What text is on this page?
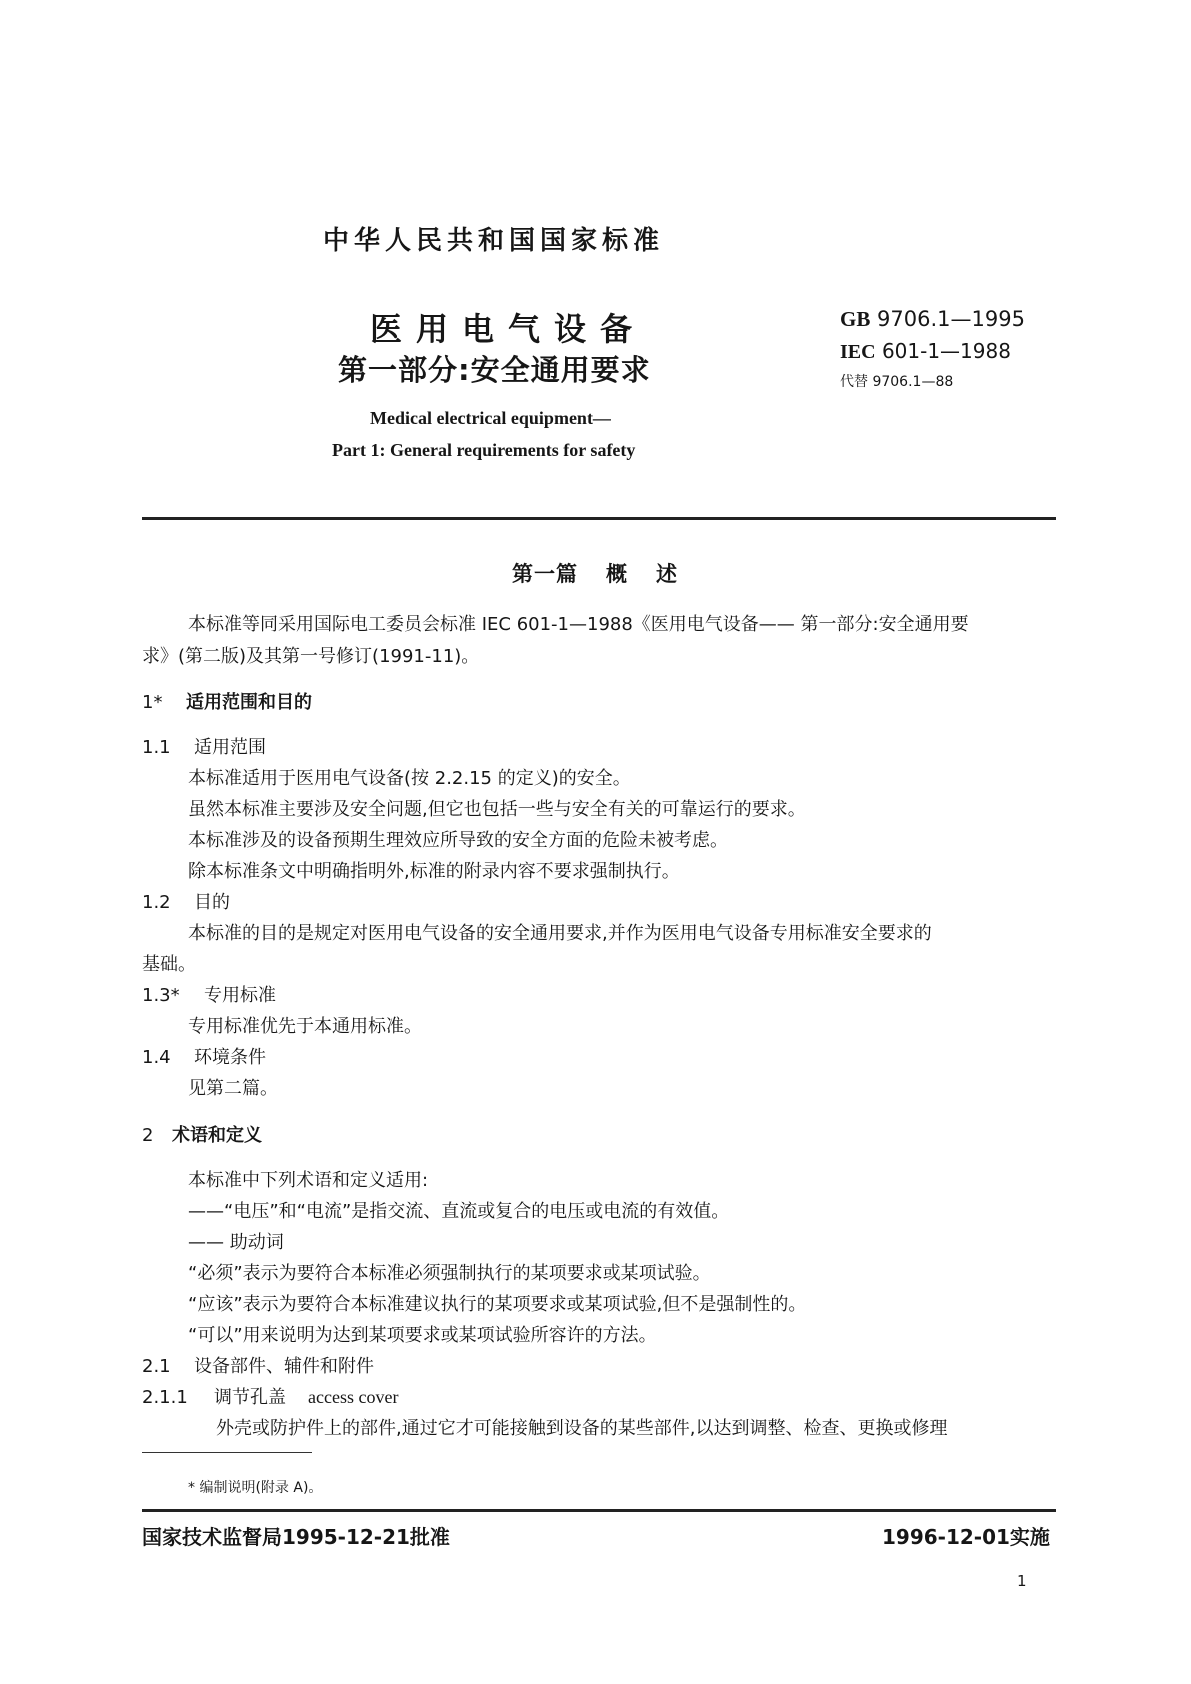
中华人民共和国国家标准
医用电气设备
第一部分:安全通用要求
GB 9706.1—1995
IEC 601-1—1988
代替 9706.1—88
Medical electrical equipment—
Part 1: General requirements for safety
第一篇 概 述
本标准等同采用国际电工委员会标准 IEC 601-1—1988《医用电气设备—— 第一部分:安全通用要
求》(第二版)及其第一号修订(1991-11)。
1* 适用范围和目的
1.1 适用范围
本标准适用于医用电气设备(按 2.2.15 的定义)的安全。
虽然本标准主要涉及安全问题,但它也包括一些与安全有关的可靠运行的要求。
本标准涉及的设备预期生理效应所导致的安全方面的危险未被考虑。
除本标准条文中明确指明外,标准的附录内容不要求强制执行。
1.2 目的
本标准的目的是规定对医用电气设备的安全通用要求,并作为医用电气设备专用标准安全要求的
基础。
1.3* 专用标准
专用标准优先于本通用标准。
1.4 环境条件
见第二篇。
2 术语和定义
本标准中下列术语和定义适用:
——“电压”和“电流”是指交流、直流或复合的电压或电流的有效值。
—— 助动词
“必须”表示为要符合本标准必须强制执行的某项要求或某项试验。
“应该”表示为要符合本标准建议执行的某项要求或某项试验,但不是强制性的。
“可以”用来说明为达到某项要求或某项试验所容许的方法。
2.1 设备部件、辅件和附件
2.1.1 调节孔盖 access cover
外壳或防护件上的部件,通过它才可能接触到设备的某些部件,以达到调整、检查、更换或修理
* 编制说明(附录 A)。
国家技术监督局1995-12-21批准	1996-12-01实施
1
